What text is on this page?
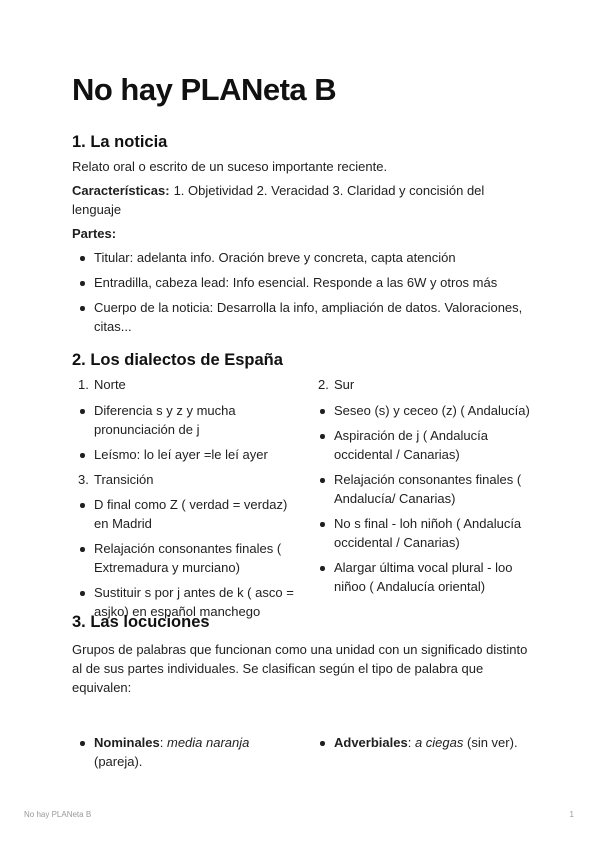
No hay PLANeta B
1. La noticia

Relato oral o escrito de un suceso importante reciente.

Características: 1. Objetividad 2. Veracidad 3. Claridad y concisión del lenguaje

Partes:

Titular: adelanta info. Oración breve y concreta, capta atención
Entradilla, cabeza lead: Info esencial. Responde a las 6W y otros más
Cuerpo de la noticia: Desarrolla la info, ampliación de datos. Valoraciones, citas...
2. Los dialectos de España
1. Norte
Diferencia s y z y mucha pronunciación de j
Leísmo: lo leí ayer =le leí ayer
3. Transición
D final como Z ( verdad = verdaz) en Madrid
Relajación consonantes finales ( Extremadura y murciano)
Sustituir s por j antes de k ( asco = asjko) en español manchego
2. Sur
Seseo (s) y ceceo (z) ( Andalucía)
Aspiración de j ( Andalucía occidental / Canarias)
Relajación consonantes finales ( Andalucía/ Canarias)
No s final - loh niñoh ( Andalucía occidental / Canarias)
Alargar última vocal plural - loo niñoo ( Andalucía oriental)
3. Las locuciones

Grupos de palabras que funcionan como una unidad con un significado distinto al de sus partes individuales. Se clasifican según el tipo de palabra que equivalen:

Nominales: media naranja
(pareja).
Adverbiales: a ciegas (sin ver).
No hay PLANeta B	1
